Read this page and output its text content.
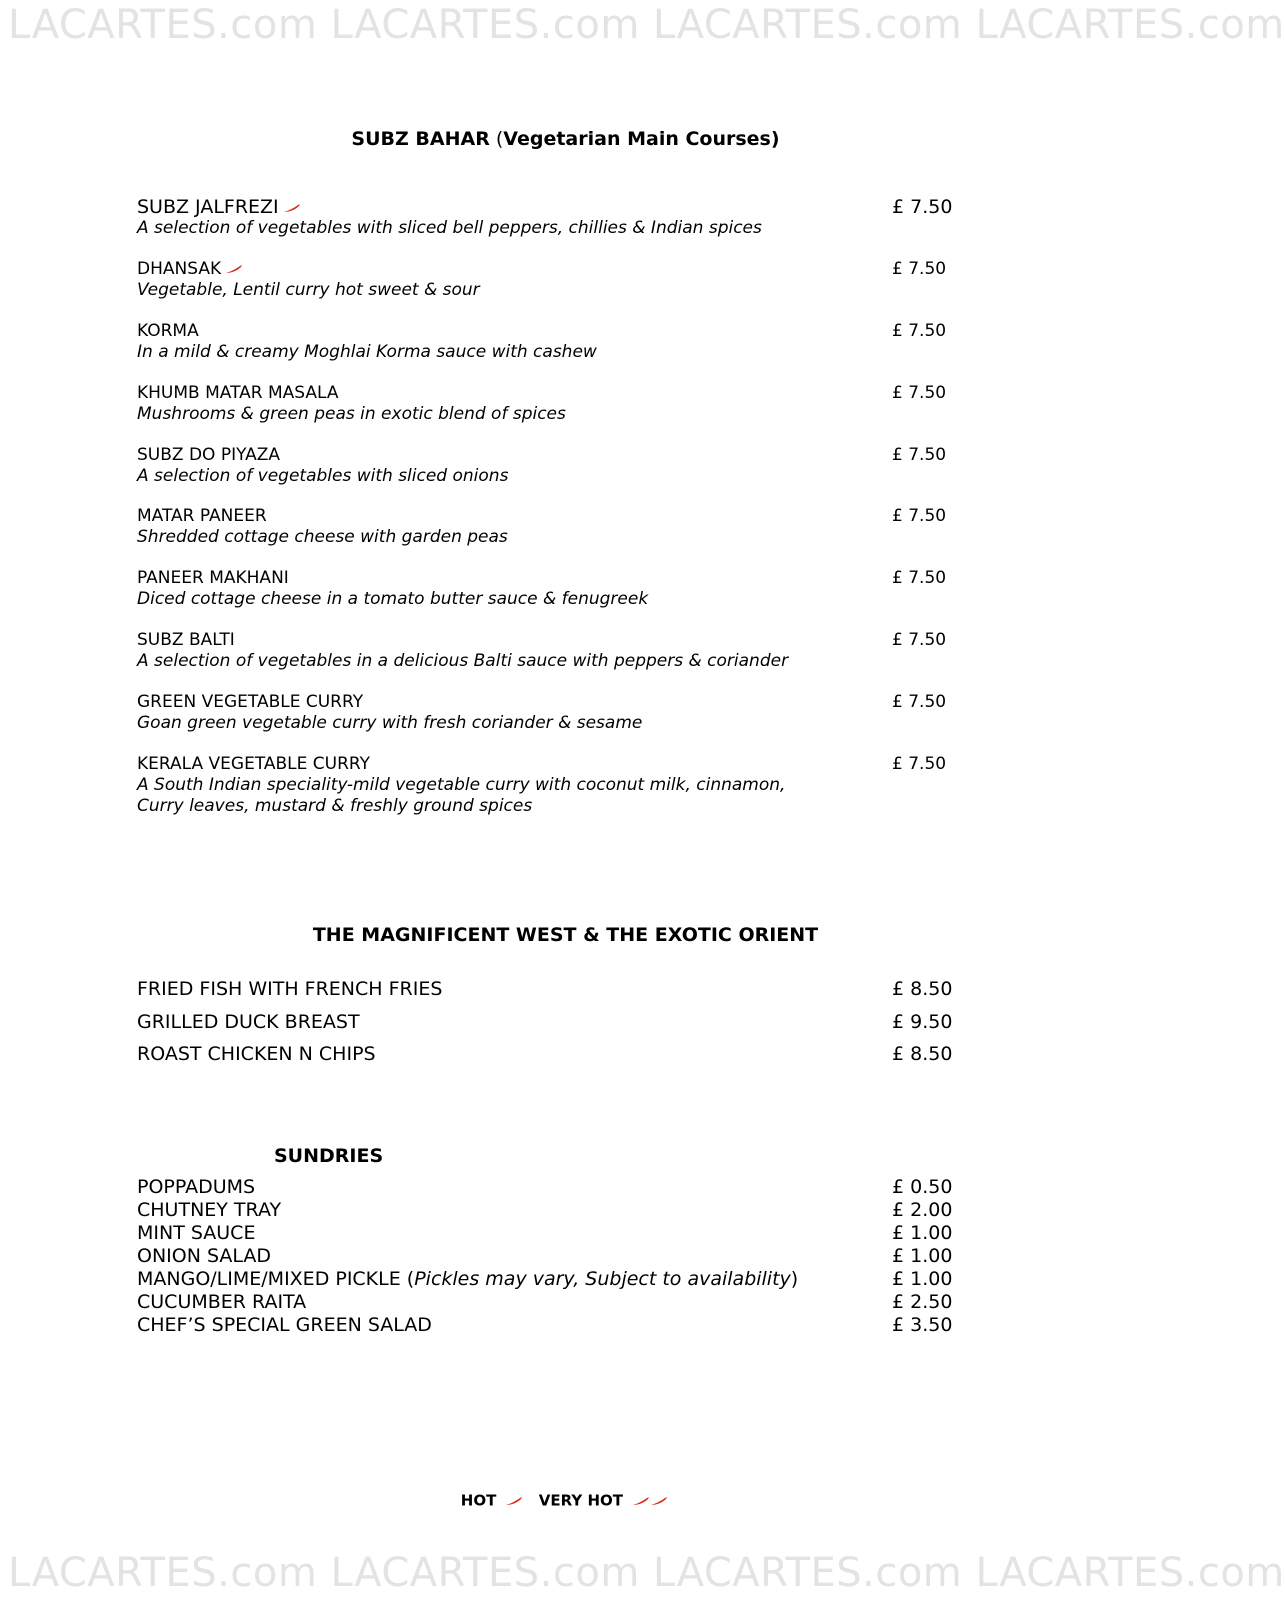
LACARTES.com LACARTES.com LACARTES.com LACARTES.com
LACARTES.com LACARTES.com LACARTES.com LACARTES.com
SUBZ BAHAR (Vegetarian Main Courses)
SUBZ JALFREZI
A selection of vegetables with sliced bell peppers, chillies & Indian spices
£ 7.50
DHANSAK
Vegetable, Lentil curry hot sweet & sour
£ 7.50
KORMA
In a mild & creamy Moghlai Korma sauce with cashew
£ 7.50
KHUMB MATAR MASALA
Mushrooms & green peas in exotic blend of spices
£ 7.50
SUBZ DO PIYAZA
A selection of vegetables with sliced onions
£ 7.50
MATAR PANEER
Shredded cottage cheese with garden peas
£ 7.50
PANEER MAKHANI
Diced cottage cheese in a tomato butter sauce & fenugreek
£ 7.50
SUBZ BALTI
A selection of vegetables in a delicious Balti sauce with peppers & coriander
£ 7.50
GREEN VEGETABLE CURRY
Goan green vegetable curry with fresh coriander & sesame
£ 7.50
KERALA VEGETABLE CURRY
A South Indian speciality-mild vegetable curry with coconut milk, cinnamon,
Curry leaves, mustard & freshly ground spices
£ 7.50
THE MAGNIFICENT WEST & THE EXOTIC ORIENT
FRIED FISH WITH FRENCH FRIES	£ 8.50
GRILLED DUCK BREAST	£ 9.50
ROAST CHICKEN N CHIPS	£ 8.50
SUNDRIES
POPPADUMS	£ 0.50
CHUTNEY TRAY	£ 2.00
MINT SAUCE	£ 1.00
ONION SALAD	£ 1.00
MANGO/LIME/MIXED PICKLE (Pickles may vary, Subject to availability)	£ 1.00
CUCUMBER RAITA	£ 2.50
CHEF’S SPECIAL GREEN SALAD	£ 3.50
HOT	VERY HOT
